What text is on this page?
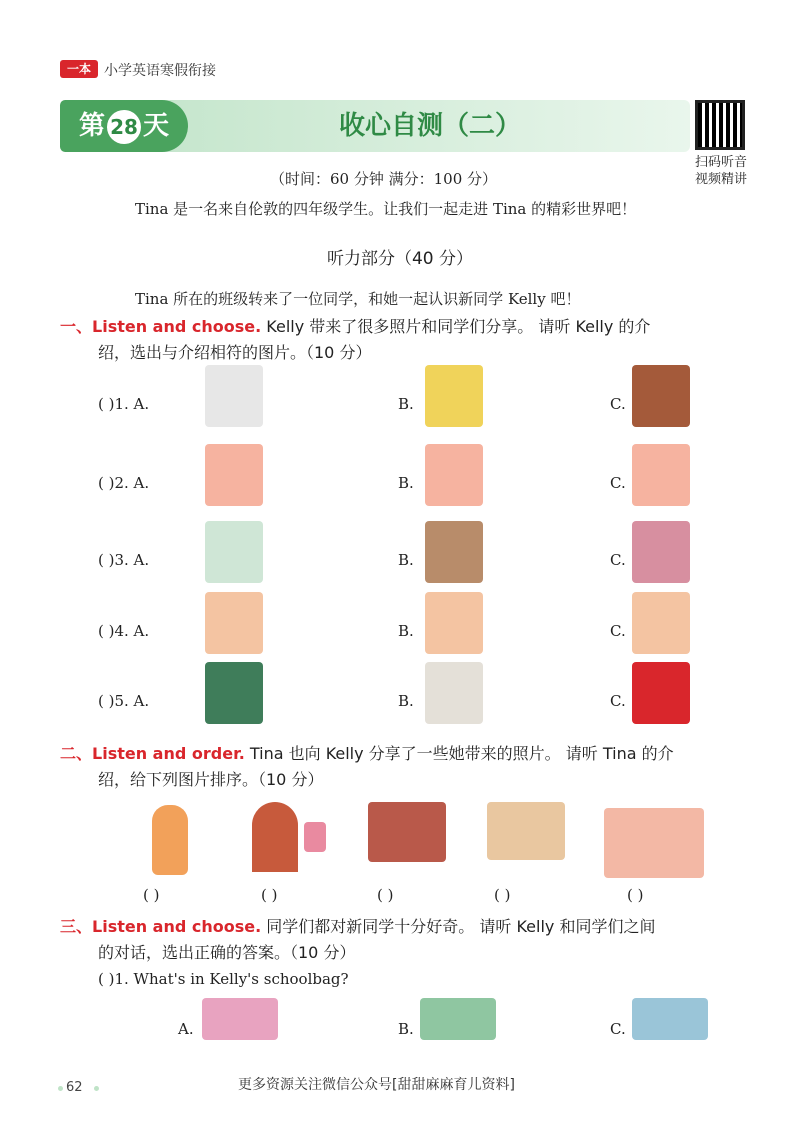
一本 小学英语寒假衔接
第 28 天	收心自测（二）
扫码听音
视频精讲
（时间：60 分钟 满分：100 分）
Tina 是一名来自伦敦的四年级学生。让我们一起走进 Tina 的精彩世界吧！
听力部分（40 分）
Tina 所在的班级转来了一位同学，和她一起认识新同学 Kelly 吧！
一、Listen and choose. Kelly 带来了很多照片和同学们分享。 请听 Kelly 的介
绍，选出与介绍相符的图片。（10 分）
( )1. A.	B.	C.
( )2. A.	B.	C.
( )3. A.	B.	C.
( )4. A.	B.	C.
( )5. A.	B.	C.
二、Listen and order. Tina 也向 Kelly 分享了一些她带来的照片。 请听 Tina 的介
绍，给下列图片排序。（10 分）
( )	( )	( )	( )	( )
三、Listen and choose. 同学们都对新同学十分好奇。 请听 Kelly 和同学们之间
的对话，选出正确的答案。（10 分）
( )1. What's in Kelly's schoolbag?
A.	B.	C.
62	更多资源关注微信公众号[甜甜麻麻育儿资料]
